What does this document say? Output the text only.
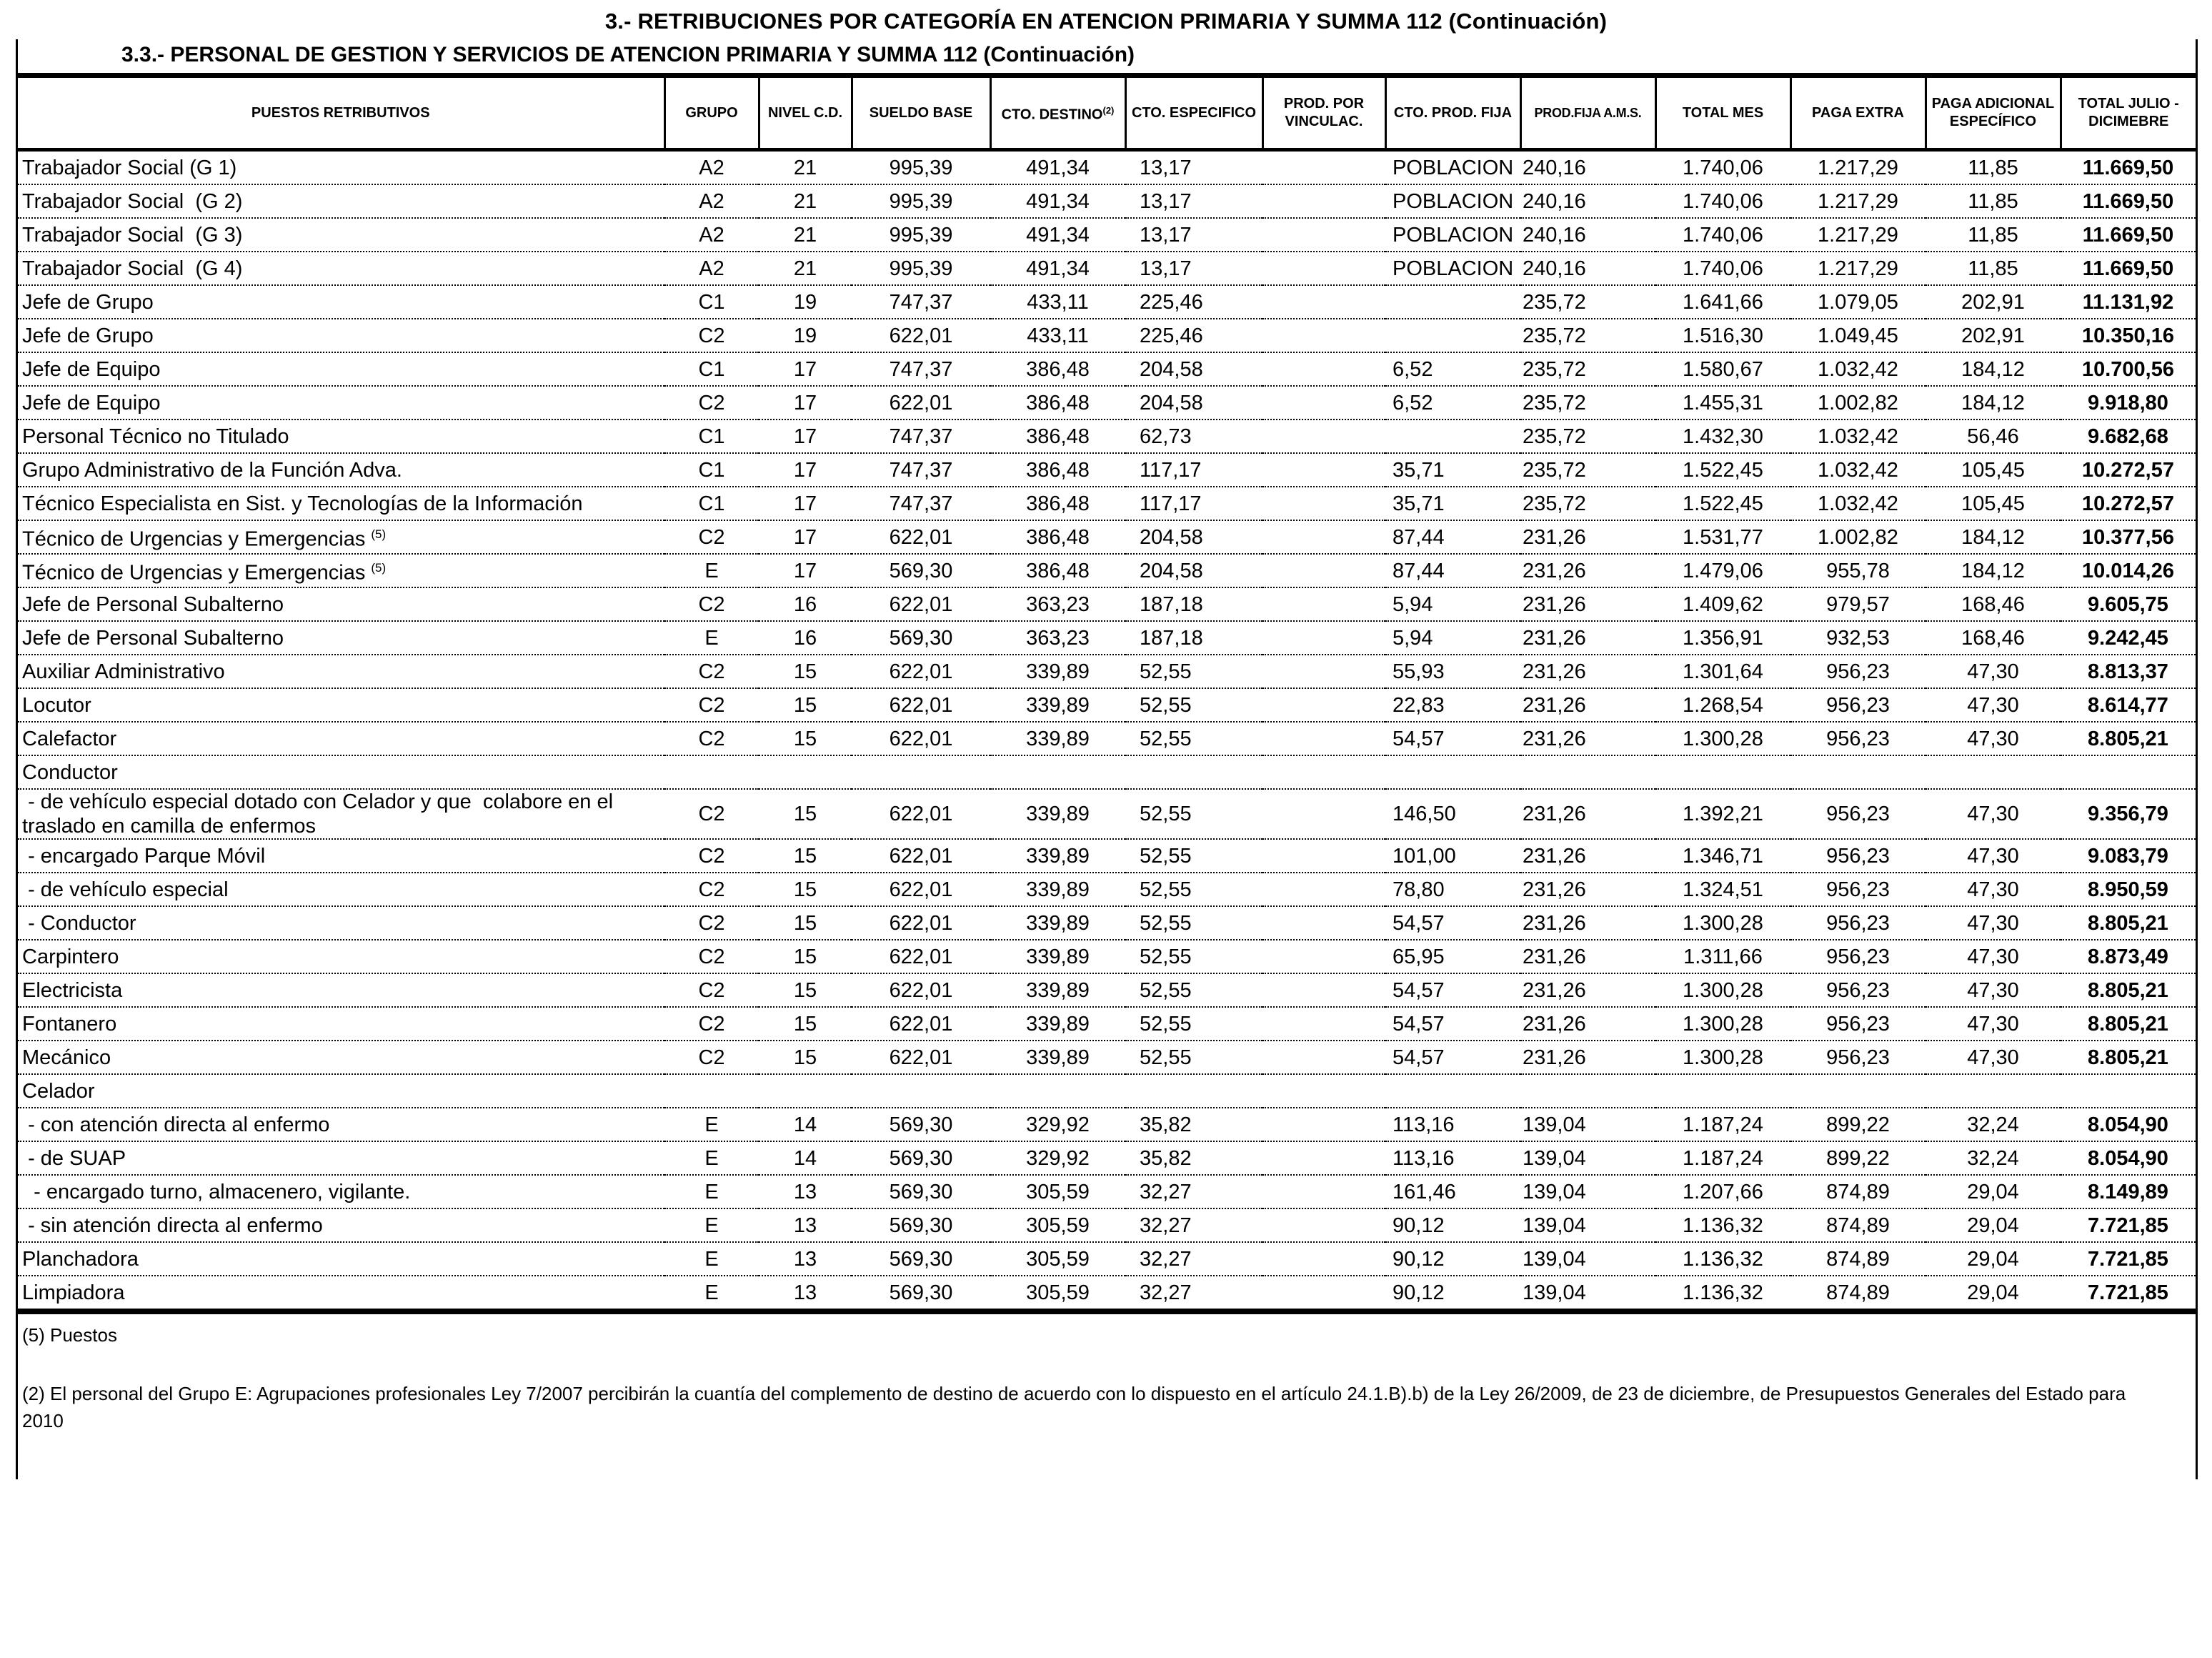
3.- RETRIBUCIONES POR CATEGORÍA EN ATENCION PRIMARIA Y SUMMA 112 (Continuación)
3.3.- PERSONAL DE GESTION Y SERVICIOS DE ATENCION PRIMARIA Y SUMMA 112 (Continuación)
PUESTOS RETRIBUTIVOS	GRUPO	NIVEL C.D.	SUELDO BASE	CTO. DESTINO$^{(2)}$	CTO. ESPECIFICO	PROD. POR VINCULAC.	CTO. PROD. FIJA	PROD.FIJA A.M.S.	TOTAL MES	PAGA EXTRA	PAGA ADICIONAL ESPECÍFICO	TOTAL JULIO - DICIMEBRE
Trabajador Social (G 1)	A2	21	995,39	491,34	13,17		POBLACION	240,16	1.740,06	1.217,29	11,85	11.669,50
Trabajador Social  (G 2)	A2	21	995,39	491,34	13,17		POBLACION	240,16	1.740,06	1.217,29	11,85	11.669,50
Trabajador Social  (G 3)	A2	21	995,39	491,34	13,17		POBLACION	240,16	1.740,06	1.217,29	11,85	11.669,50
Trabajador Social  (G 4)	A2	21	995,39	491,34	13,17		POBLACION	240,16	1.740,06	1.217,29	11,85	11.669,50
Jefe de Grupo	C1	19	747,37	433,11	225,46			235,72	1.641,66	1.079,05	202,91	11.131,92
Jefe de Grupo	C2	19	622,01	433,11	225,46			235,72	1.516,30	1.049,45	202,91	10.350,16
Jefe de Equipo	C1	17	747,37	386,48	204,58		6,52	235,72	1.580,67	1.032,42	184,12	10.700,56
Jefe de Equipo	C2	17	622,01	386,48	204,58		6,52	235,72	1.455,31	1.002,82	184,12	9.918,80
Personal Técnico no Titulado	C1	17	747,37	386,48	62,73			235,72	1.432,30	1.032,42	56,46	9.682,68
Grupo Administrativo de la Función Adva.	C1	17	747,37	386,48	117,17		35,71	235,72	1.522,45	1.032,42	105,45	10.272,57
Técnico Especialista en Sist. y Tecnologías de la Información	C1	17	747,37	386,48	117,17		35,71	235,72	1.522,45	1.032,42	105,45	10.272,57
Técnico de Urgencias y Emergencias $^{(5)}$	C2	17	622,01	386,48	204,58		87,44	231,26	1.531,77	1.002,82	184,12	10.377,56
Técnico de Urgencias y Emergencias $^{(5)}$	E	17	569,30	386,48	204,58		87,44	231,26	1.479,06	955,78	184,12	10.014,26
Jefe de Personal Subalterno	C2	16	622,01	363,23	187,18		5,94	231,26	1.409,62	979,57	168,46	9.605,75
Jefe de Personal Subalterno	E	16	569,30	363,23	187,18		5,94	231,26	1.356,91	932,53	168,46	9.242,45
Auxiliar Administrativo	C2	15	622,01	339,89	52,55		55,93	231,26	1.301,64	956,23	47,30	8.813,37
Locutor	C2	15	622,01	339,89	52,55		22,83	231,26	1.268,54	956,23	47,30	8.614,77
Calefactor	C2	15	622,01	339,89	52,55		54,57	231,26	1.300,28	956,23	47,30	8.805,21
Conductor												
- de vehículo especial dotado con Celador y que  colabore en el traslado en camilla de enfermos	C2	15	622,01	339,89	52,55		146,50	231,26	1.392,21	956,23	47,30	9.356,79
- encargado Parque Móvil	C2	15	622,01	339,89	52,55		101,00	231,26	1.346,71	956,23	47,30	9.083,79
- de vehículo especial	C2	15	622,01	339,89	52,55		78,80	231,26	1.324,51	956,23	47,30	8.950,59
- Conductor	C2	15	622,01	339,89	52,55		54,57	231,26	1.300,28	956,23	47,30	8.805,21
Carpintero	C2	15	622,01	339,89	52,55		65,95	231,26	1.311,66	956,23	47,30	8.873,49
Electricista	C2	15	622,01	339,89	52,55		54,57	231,26	1.300,28	956,23	47,30	8.805,21
Fontanero	C2	15	622,01	339,89	52,55		54,57	231,26	1.300,28	956,23	47,30	8.805,21
Mecánico	C2	15	622,01	339,89	52,55		54,57	231,26	1.300,28	956,23	47,30	8.805,21
Celador												
- con atención directa al enfermo	E	14	569,30	329,92	35,82		113,16	139,04	1.187,24	899,22	32,24	8.054,90
- de SUAP	E	14	569,30	329,92	35,82		113,16	139,04	1.187,24	899,22	32,24	8.054,90
- encargado turno, almacenero, vigilante.	E	13	569,30	305,59	32,27		161,46	139,04	1.207,66	874,89	29,04	8.149,89
- sin atención directa al enfermo	E	13	569,30	305,59	32,27		90,12	139,04	1.136,32	874,89	29,04	7.721,85
Planchadora	E	13	569,30	305,59	32,27		90,12	139,04	1.136,32	874,89	29,04	7.721,85
Limpiadora	E	13	569,30	305,59	32,27		90,12	139,04	1.136,32	874,89	29,04	7.721,85
(5) Puestos
(2) El personal del Grupo E: Agrupaciones profesionales Ley 7/2007 percibirán la cuantía del complemento de destino de acuerdo con lo dispuesto en el artículo 24.1.B).b) de la Ley 26/2009, de 23 de diciembre, de Presupuestos Generales del Estado para 2010
